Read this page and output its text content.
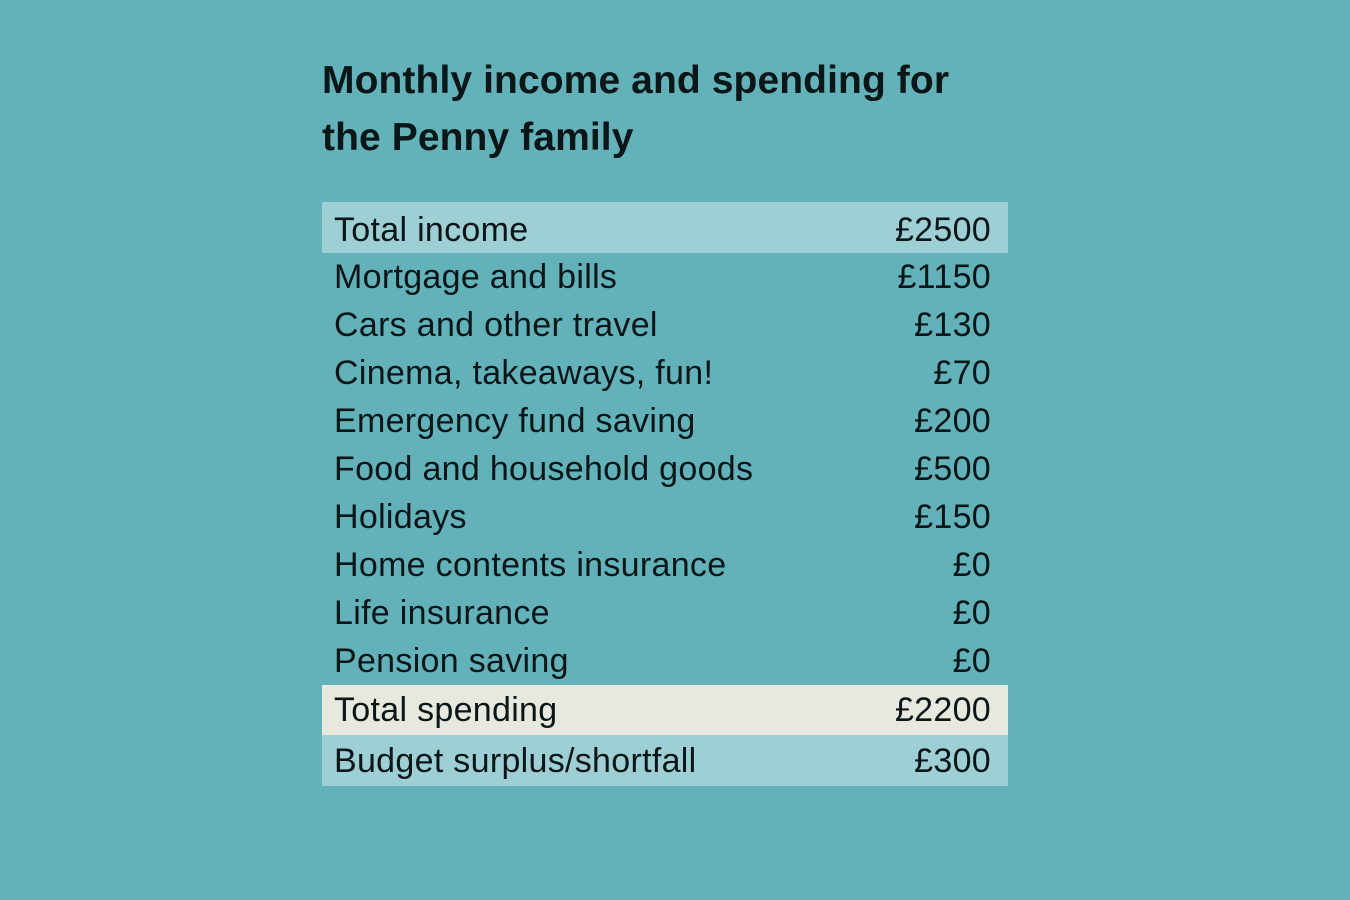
Monthly income and spending for
the Penny family
Total income	£2500
Mortgage and bills	£1150
Cars and other travel	£130
Cinema, takeaways, fun!	£70
Emergency fund saving	£200
Food and household goods	£500
Holidays	£150
Home contents insurance	£0
Life insurance	£0
Pension saving	£0
Total spending	£2200
Budget surplus/shortfall	£300
